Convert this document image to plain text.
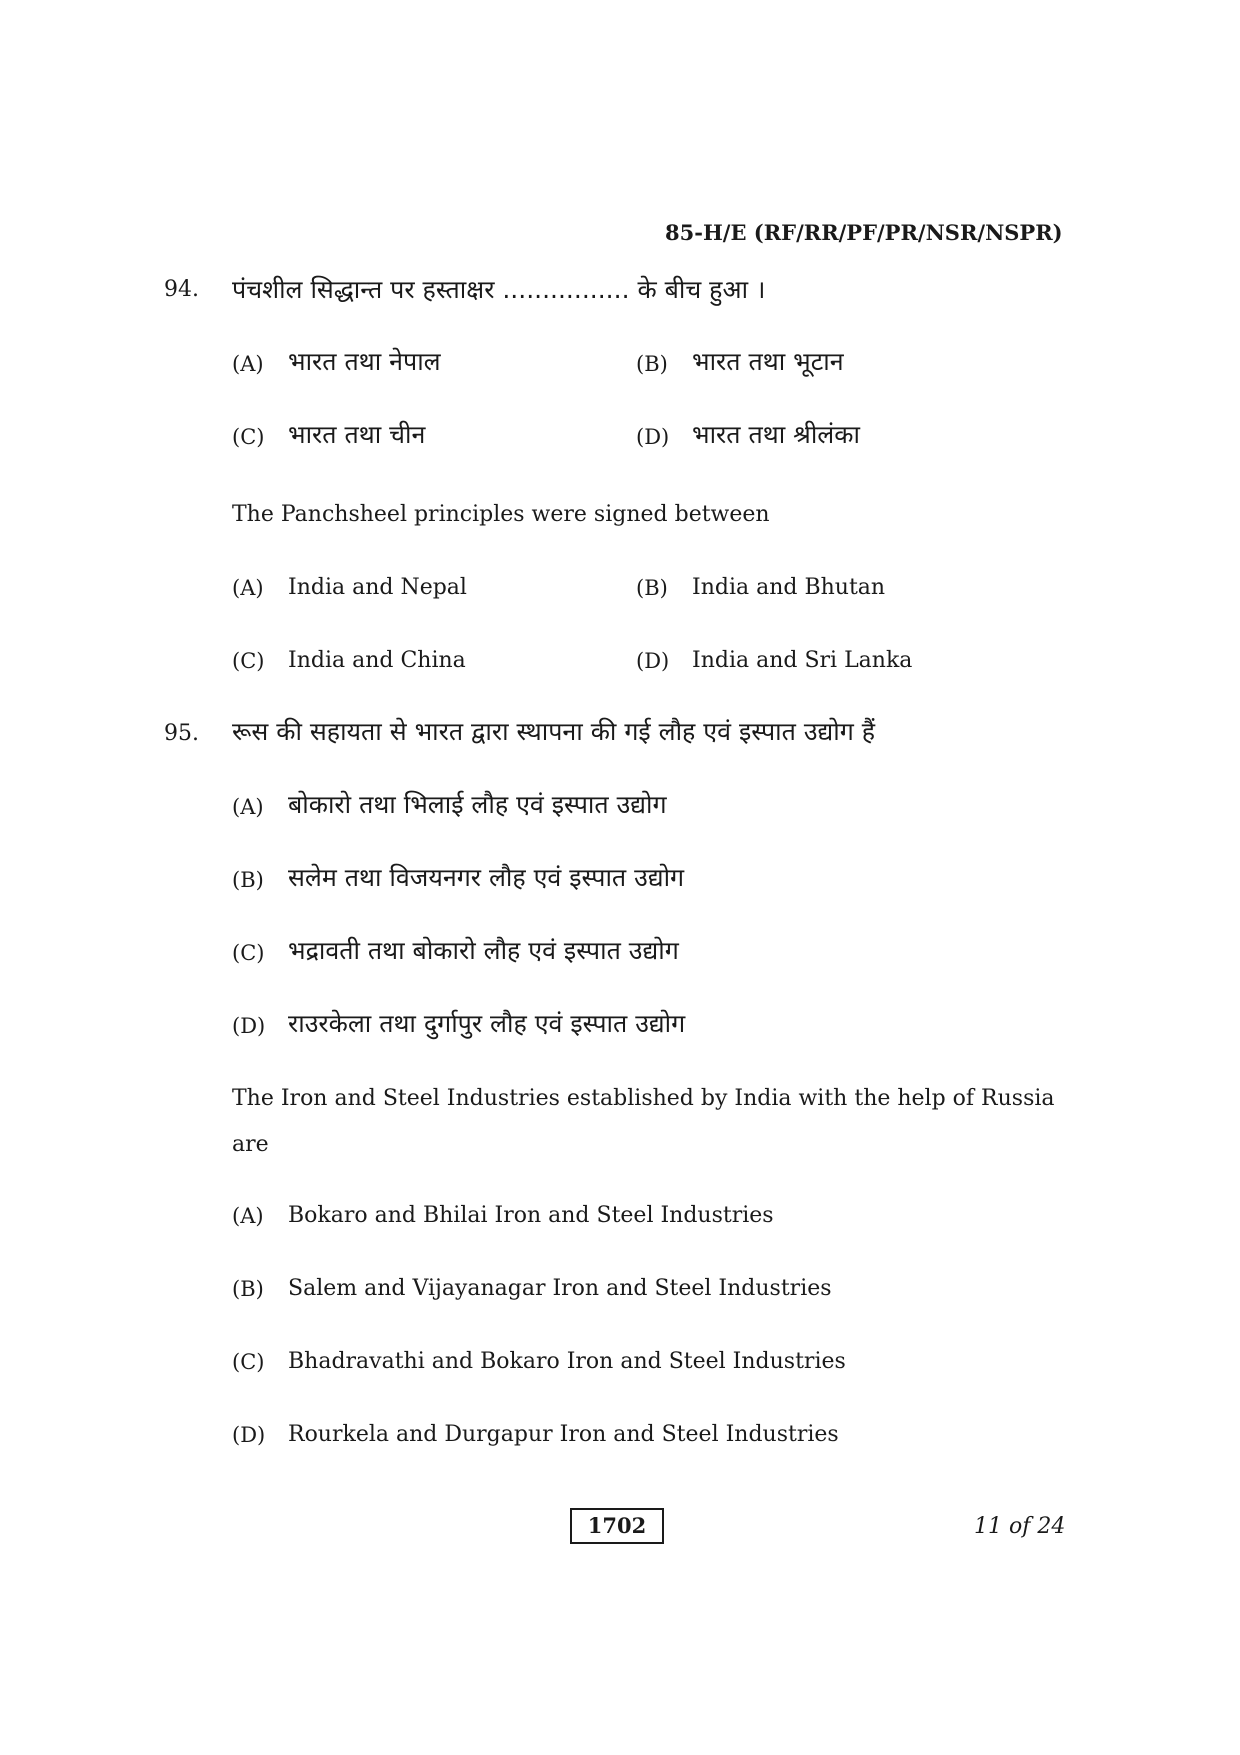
85-H/E (RF/RR/PF/PR/NSR/NSPR)
94. पंचशील सिद्धान्त पर हस्ताक्षर ................ के बीच हुआ ।
(A) भारत तथा नेपाल	(B) भारत तथा भूटान
(C) भारत तथा चीन	(D) भारत तथा श्रीलंका
The Panchsheel principles were signed between
(A) India and Nepal	(B) India and Bhutan
(C) India and China	(D) India and Sri Lanka
95. रूस की सहायता से भारत द्वारा स्थापना की गई लौह एवं इस्पात उद्योग हैं
(A) बोकारो तथा भिलाई लौह एवं इस्पात उद्योग
(B) सलेम तथा विजयनगर लौह एवं इस्पात उद्योग
(C) भद्रावती तथा बोकारो लौह एवं इस्पात उद्योग
(D) राउरकेला तथा दुर्गापुर लौह एवं इस्पात उद्योग
The Iron and Steel Industries established by India with the help of Russia
are
(A) Bokaro and Bhilai Iron and Steel Industries
(B) Salem and Vijayanagar Iron and Steel Industries
(C) Bhadravathi and Bokaro Iron and Steel Industries
(D) Rourkela and Durgapur Iron and Steel Industries
1702	11 of 24
